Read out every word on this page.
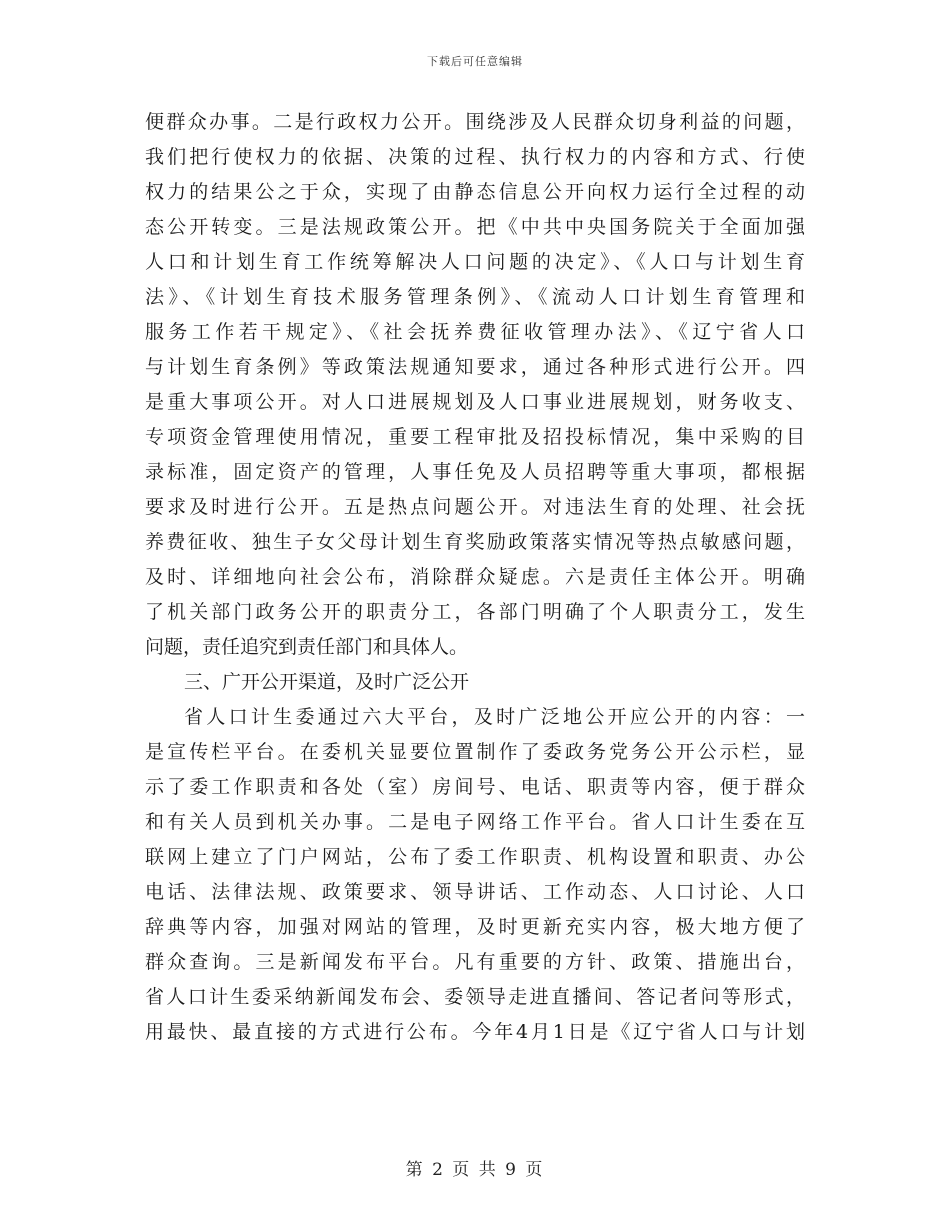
下载后可任意编辑
便群众办事。二是行政权力公开。围绕涉及人民群众切身利益的问题，
我们把行使权力的依据、决策的过程、执行权力的内容和方式、行使
权力的结果公之于众，实现了由静态信息公开向权力运行全过程的动
态公开转变。三是法规政策公开。把《中共中央国务院关于全面加强
人口和计划生育工作统筹解决人口问题的决定》、《人口与计划生育
法》、《计划生育技术服务管理条例》、《流动人口计划生育管理和
服务工作若干规定》、《社会抚养费征收管理办法》、《辽宁省人口
与计划生育条例》等政策法规通知要求，通过各种形式进行公开。四
是重大事项公开。对人口进展规划及人口事业进展规划，财务收支、
专项资金管理使用情况，重要工程审批及招投标情况，集中采购的目
录标准，固定资产的管理，人事任免及人员招聘等重大事项，都根据
要求及时进行公开。五是热点问题公开。对违法生育的处理、社会抚
养费征收、独生子女父母计划生育奖励政策落实情况等热点敏感问题，
及时、详细地向社会公布，消除群众疑虑。六是责任主体公开。明确
了机关部门政务公开的职责分工，各部门明确了个人职责分工，发生
问题，责任追究到责任部门和具体人。
三、广开公开渠道，及时广泛公开
省人口计生委通过六大平台，及时广泛地公开应公开的内容：一
是宣传栏平台。在委机关显要位置制作了委政务党务公开公示栏，显
示了委工作职责和各处（室）房间号、电话、职责等内容，便于群众
和有关人员到机关办事。二是电子网络工作平台。省人口计生委在互
联网上建立了门户网站，公布了委工作职责、机构设置和职责、办公
电话、法律法规、政策要求、领导讲话、工作动态、人口讨论、人口
辞典等内容，加强对网站的管理，及时更新充实内容，极大地方便了
群众查询。三是新闻发布平台。凡有重要的方针、政策、措施出台，
省人口计生委采纳新闻发布会、委领导走进直播间、答记者问等形式，
用最快、最直接的方式进行公布。今年4月1日是《辽宁省人口与计划
第 2 页 共 9 页
